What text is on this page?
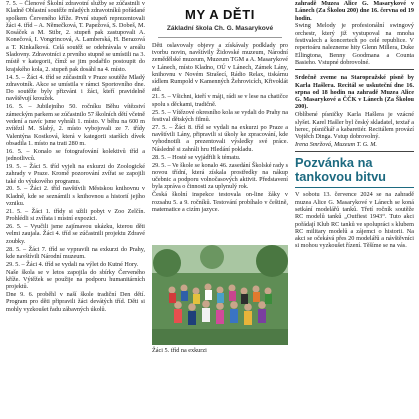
7. 5. – Členové Školní zdravotní služby se zúčastnili v Kladně Oblastní soutěže mladých zdravotníků pořádané spolkem Červeného kříže. První stupeň reprezentovali žáci 4. tříd – A. Němečková, T. Papežová, S. Dobeš, M. Kosáček a M. Stibr, 2. stupeň pak zastupovali A. Konečová, I. Vongrincová, A. Lamberská, H. Berazová a T. Kinkalková. Celá soutěž se odehrávala v areálu Sladovny. Zdravotníci z prvního stupně se umístili na 3. místě v kategorii, čímž se jim podařilo postoupit do krajského kola, 2. stupeň pak dosáhl na 4. místo.

14. 5. – Žáci 4. tříd se zúčastnili v Praze soutěže Mladý zdravotník. Akce se umístila v rámci Sportovního dne. Do soutěže byly přizváni i žáci, kteří pravidelně navštěvují kroužek.

16. 5. – Jubilejního 50. ročníku Běhu vítězství zámeckým parkem se zúčastnilo 57 školních dětí včetně vedení a navíc jsme vyhráli 1. místo. V běhu na 600 m zvítězil M. Slabý, 2. místo vybojovali ze 7. třídy Valentýna Kostková, která v kategorii starších dívek obsadila 1. místo na trati 280 m.

16. 5. – Konalo se fotografování kolektivů tříd a jednotlivců.

19. 5. – Žáci 5. tříd vyjeli na exkurzi do Zoologické zahrady v Praze. Kromě pozorování zvířat se zapojili také do výukového programu.

20. 5. – Žáci 2. tříd navštívili Městskou knihovnu v Kladně, kde se seznámili s knihovnou a historií jejího vzniku.

21. 5. – Žáci 1. třídy si užili pobyt v Zoo Zelčín. Prohlédli si zvířata i místní expozici.

26. 5. – Vyučili jsme zajímavou ukázku, kterou děti velmi zaujala. Žáci 4. tříd se zúčastnili projektu Zdravé zoubky.

28. 5. – Žáci 7. tříd se vypravili na exkurzi do Prahy, kde navštívili Národní muzeum.

29. 5. – Žáci 4. tříd se vydali na výlet do Kutné Hory.

Naše škola se v letos zapojila do sbírky Červeného kříže. Výtěžek se použije na podporu humanitárních projektů.

Dne 9. 6. proběhl v naší škole tradiční Den dětí. Program pro děti připravili žáci devátých tříd. Děti si mohly vyzkoušet řadu zábavných úkolů.

MY A DĚTI
Základní škola Ch. G. Masarykové

Děti oslavovaly objevy a získávaly podklady pro tvorbu novin, navštívily Židovské muzeum, Národní zemědělské muzeum, Muzeum TGM a A. Masarykové v Lánech, místo Kladno, OÚ v Lánech, Zámek Lány, knihovnu v Novém Strašecí, Rádio Relax, tiskárnu sídlem Rumpold v Kamenných Žehrovicích, Křivoklát atd.

21. 5. – Všichni, kteří v máji, rádi se v lese na chatičce spolu s děckami, tradičně.

25. 5. – Vítězové okresního kola se vydali do Prahy na festival dětských filmů.

27. 5. – Žáci 8. tříd se vydali na exkurzi po Praze a navštívili Lány, připravili si úkoly ke zpracování, kde vyhodnotili a prezentovali výsledky své práce. Následně si zahráli hru Hledání pokladu.

28. 5. – Hosté se vyjádřili k tématu.

29. 5. – Ve škole se konalo 46. zasedání Školské rady s novou třídní, která získala prostředky na nákup učebnic a podporu volnočasových aktivit. Představení byla zpráva o činnosti za uplynulý rok.

Česká školní inspekce testovala on-line žáky v rozsahu 5. a 9. ročníků. Testování probíhalo v češtině, matematice a cizím jazyce.

Žáci 5. tříd na exkurzi

zahradě Muzea Alice G. Masarykové v Lánech (Za Školou 200) dne 16. června od 19 hodin.

Swing Melody je profesionální swingový orchestr, který již vystupoval na mnoha festivalech a koncertech po celé republice. V repertoáru nalezneme hity Glenn Millera, Duke Ellingtona, Benny Goodmana a Counta Basieho. Vstupné dobrovolné.

Srdečně zveme na Staropražské písně by Karla Hašlera. Recitál se uskuteční dne 16. srpna od 18 hodin na zahradě Muzea Alice G. Masarykové a ČČK v Lánech (Za Školou 200).

Oblíbené písničky Karla Hašlera je vzácné slyšet. Karel Hašler byl český skladatel, textař a herec, písničkář a kabaretiér. Recitálem provází Vojtěch Dinga. Vstup dobrovolný.

Irena Smržová, Muzeum T. G. M.

Pozvánka na tankovou bitvu

V sobotu 13. července 2024 se na zahradě muzea Alice G. Masarykové v Lánech se koná setkání modelářů tanků. Třetí ročník soutěže RC modelů tanků „Outfiest 1943“. Tuto akci pořádají Klub RC tanků ve spolupráci s klubem RC military modelů a zájemci o historii. Na akci se očekává přes 20 modelářů a návštěvníci si mohou vyzkoušet řízení. Těšíme se na vás.
